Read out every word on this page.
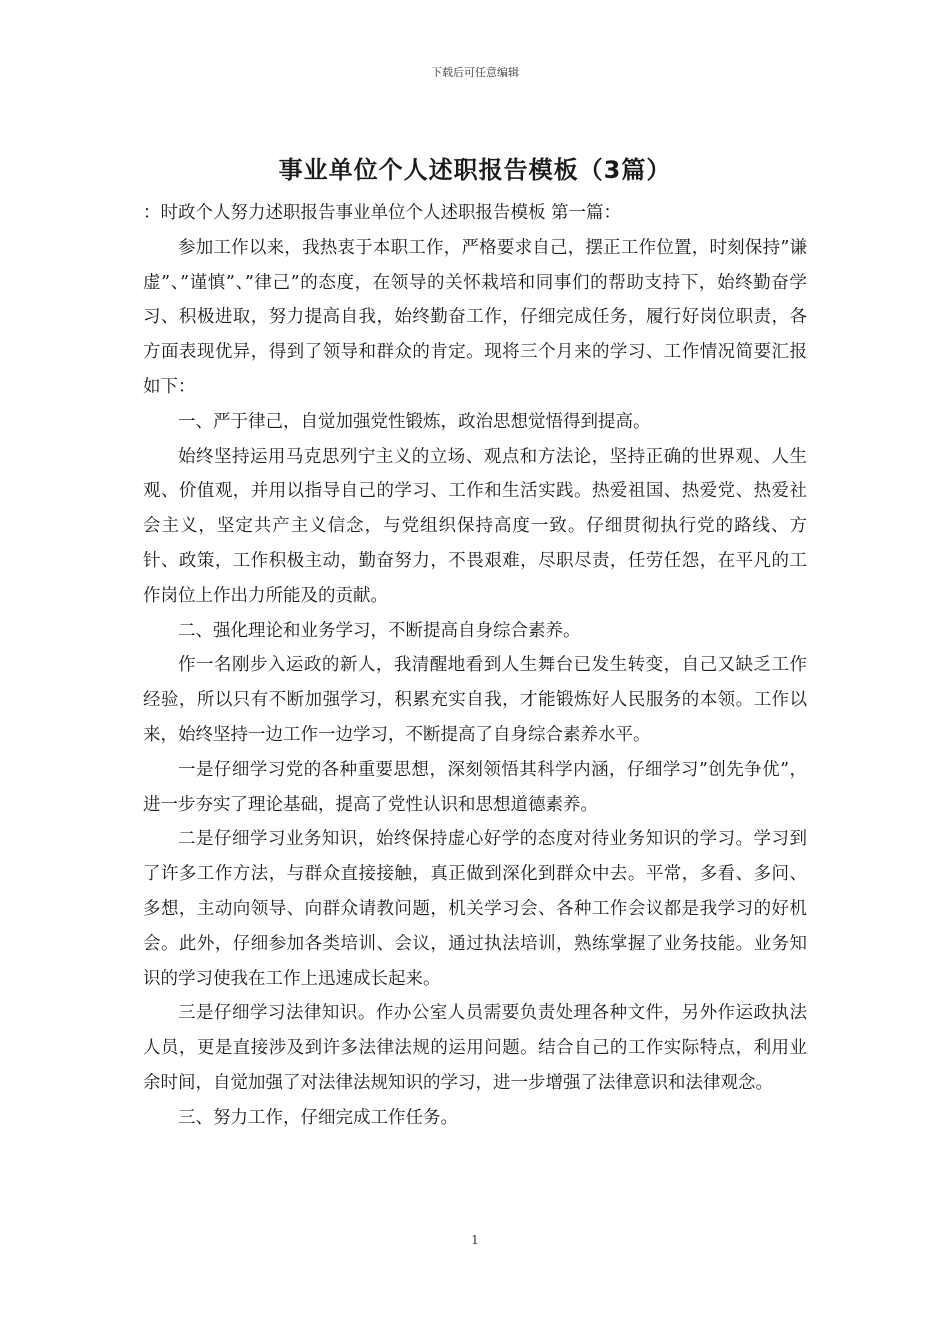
下载后可任意编辑
事业单位个人述职报告模板（3篇）

：时政个人努力述职报告事业单位个人述职报告模板 第一篇：

参加工作以来，我热衷于本职工作，严格要求自己，摆正工作位置，时刻保持”谦虚”、”谨慎”、”律己”的态度，在领导的关怀栽培和同事们的帮助支持下，始终勤奋学习、积极进取，努力提高自我，始终勤奋工作，仔细完成任务，履行好岗位职责，各方面表现优异，得到了领导和群众的肯定。现将三个月来的学习、工作情况简要汇报如下：

一、严于律己，自觉加强党性锻炼，政治思想觉悟得到提高。

始终坚持运用马克思列宁主义的立场、观点和方法论，坚持正确的世界观、人生观、价值观，并用以指导自己的学习、工作和生活实践。热爱祖国、热爱党、热爱社会主义，坚定共产主义信念，与党组织保持高度一致。仔细贯彻执行党的路线、方针、政策，工作积极主动，勤奋努力，不畏艰难，尽职尽责，任劳任怨，在平凡的工作岗位上作出力所能及的贡献。

二、强化理论和业务学习，不断提高自身综合素养。

作一名刚步入运政的新人，我清醒地看到人生舞台已发生转变，自己又缺乏工作经验，所以只有不断加强学习，积累充实自我，才能锻炼好人民服务的本领。工作以来，始终坚持一边工作一边学习，不断提高了自身综合素养水平。

一是仔细学习党的各种重要思想，深刻领悟其科学内涵，仔细学习”创先争优”，进一步夯实了理论基础，提高了党性认识和思想道德素养。

二是仔细学习业务知识，始终保持虚心好学的态度对待业务知识的学习。学习到了许多工作方法，与群众直接接触，真正做到深化到群众中去。平常，多看、多问、多想，主动向领导、向群众请教问题，机关学习会、各种工作会议都是我学习的好机会。此外，仔细参加各类培训、会议，通过执法培训，熟练掌握了业务技能。业务知识的学习使我在工作上迅速成长起来。

三是仔细学习法律知识。作办公室人员需要负责处理各种文件，另外作运政执法人员，更是直接涉及到许多法律法规的运用问题。结合自己的工作实际特点，利用业余时间，自觉加强了对法律法规知识的学习，进一步增强了法律意识和法律观念。

三、努力工作，仔细完成工作任务。

1
